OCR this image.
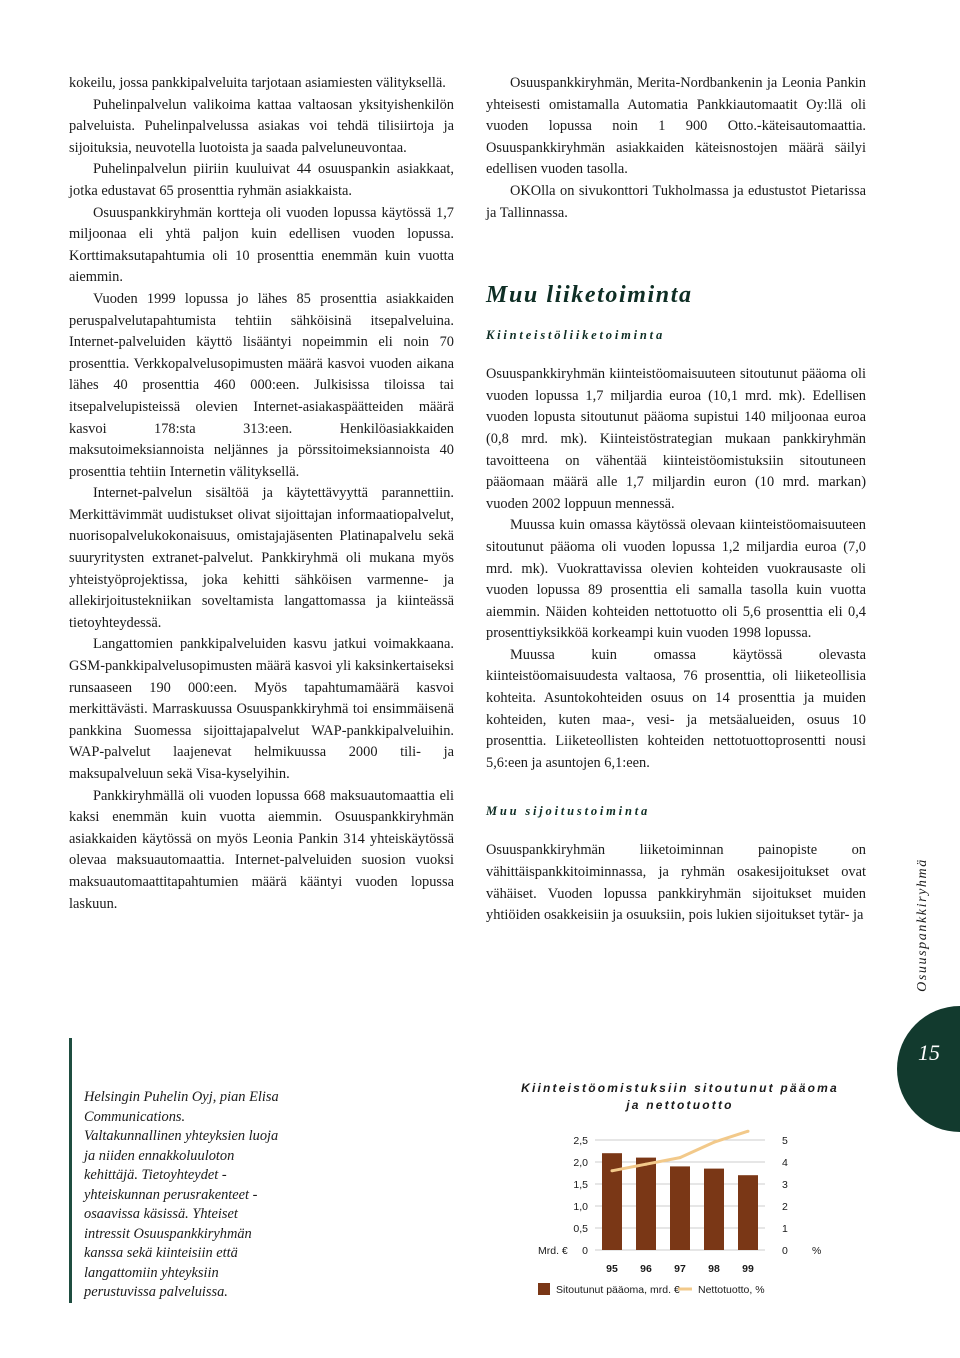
kokeilu, jossa pankkipalveluita tarjotaan asiamiesten välityksellä.

Puhelinpalvelun valikoima kattaa valtaosan yksityishenkilön palveluista. Puhelinpalvelussa asiakas voi tehdä tilisiirtoja ja sijoituksia, neuvotella luotoista ja saada palveluneuvontaa.

Puhelinpalvelun piiriin kuuluivat 44 osuuspankin asiakkaat, jotka edustavat 65 prosenttia ryhmän asiakkaista.

Osuuspankkiryhmän kortteja oli vuoden lopussa käytössä 1,7 miljoonaa eli yhtä paljon kuin edellisen vuoden lopussa. Korttimaksutapahtumia oli 10 prosenttia enemmän kuin vuotta aiemmin.

Vuoden 1999 lopussa jo lähes 85 prosenttia asiakkaiden peruspalvelutapahtumista tehtiin sähköisinä itsepalveluina. Internet-palveluiden käyttö lisääntyi nopeimmin eli noin 70 prosenttia. Verkkopalvelusopimusten määrä kasvoi vuoden aikana lähes 40 prosenttia 460 000:een. Julkisissa tiloissa tai itsepalvelupisteissä olevien Internet-asiakaspäätteiden määrä kasvoi 178:sta 313:een. Henkilöasiakkaiden maksutoimeksiannoista neljännes ja pörssitoimeksiannoista 40 prosenttia tehtiin Internetin välityksellä.

Internet-palvelun sisältöä ja käytettävyyttä parannettiin. Merkittävimmät uudistukset olivat sijoittajan informaatiopalvelut, nuorisopalvelukokonaisuus, omistajajäsenten Platinapalvelu sekä suuryritysten extranet-palvelut. Pankkiryhmä oli mukana myös yhteistyöprojektissa, joka kehitti sähköisen varmenne- ja allekirjoitustekniikan soveltamista langattomassa ja kiinteässä tietoyhteydessä.

Langattomien pankkipalveluiden kasvu jatkui voimakkaana. GSM-pankkipalvelusopimusten määrä kasvoi yli kaksinkertaiseksi runsaaseen 190 000:een. Myös tapahtumamäärä kasvoi merkittävästi. Marraskuussa Osuuspankkiryhmä toi ensimmäisenä pankkina Suomessa sijoittajapalvelut WAP-pankkipalveluihin. WAP-palvelut laajenevat helmikuussa 2000 tili- ja maksupalveluun sekä Visa-kyselyihin.

Pankkiryhmällä oli vuoden lopussa 668 maksuautomaattia eli kaksi enemmän kuin vuotta aiemmin. Osuuspankkiryhmän asiakkaiden käytössä on myös Leonia Pankin 314 yhteiskäytössä olevaa maksuautomaattia. Internet-palveluiden suosion vuoksi maksuautomaattitapahtumien määrä kääntyi vuoden lopussa laskuun.

Osuuspankkiryhmän, Merita-Nordbankenin ja Leonia Pankin yhteisesti omistamalla Automatia Pankkiautomaatit Oy:llä oli vuoden lopussa noin 1 900 Otto.-käteisautomaattia. Osuuspankkiryhmän asiakkaiden käteisnostojen määrä säilyi edellisen vuoden tasolla.

OKOlla on sivukonttori Tukholmassa ja edustustot Pietarissa ja Tallinnassa.

Muu liiketoiminta
Kiinteistöliiketoiminta

Osuuspankkiryhmän kiinteistöomaisuuteen sitoutunut pääoma oli vuoden lopussa 1,7 miljardia euroa (10,1 mrd. mk). Edellisen vuoden lopusta sitoutunut pääoma supistui 140 miljoonaa euroa (0,8 mrd. mk). Kiinteistöstrategian mukaan pankkiryhmän tavoitteena on vähentää kiinteistöomistuksiin sitoutuneen pääomaan määrä alle 1,7 miljardin euron (10 mrd. markan) vuoden 2002 loppuun mennessä.

Muussa kuin omassa käytössä olevaan kiinteistöomaisuuteen sitoutunut pääoma oli vuoden lopussa 1,2 miljardia euroa (7,0 mrd. mk). Vuokrattavissa olevien kohteiden vuokrausaste oli vuoden lopussa 89 prosenttia eli samalla tasolla kuin vuotta aiemmin. Näiden kohteiden nettotuotto oli 5,6 prosenttia eli 0,4 prosenttiyksikköä korkeampi kuin vuoden 1998 lopussa.

Muussa kuin omassa käytössä olevasta kiinteistöomaisuudesta valtaosa, 76 prosenttia, oli liiketeollisia kohteita. Asuntokohteiden osuus on 14 prosenttia ja muiden kohteiden, kuten maa-, vesi- ja metsäalueiden, osuus 10 prosenttia. Liiketeollisten kohteiden nettotuottoprosentti nousi 5,6:een ja asuntojen 6,1:een.

Muu sijoitustoiminta

Osuuspankkiryhmän liiketoiminnan painopiste on vähittäispankkitoiminnassa, ja ryhmän osakesijoitukset ovat vähäiset. Vuoden lopussa pankkiryhmän sijoitukset muiden yhtiöiden osakkeisiin ja osuuksiin, pois lukien sijoitukset tytär- ja	Osuuspankkiryhmä
15
Helsingin Puhelin Oyj, pian Elisa Communications. Valtakunnallinen yhteyksien luoja ja niiden ennakkoluuloton kehittäjä. Tietoyhteydet - yhteiskunnan perusrakenteet - osaavissa käsissä. Yhteiset intressit Osuuspankkiryhmän kanssa sekä kiinteisiin että langattomiin yhteyksiin perustuvissa palveluissa.
Kiinteistöomistuksiin sitoutunut pääoma ja nettotuotto
0	0
0,5	1
1,0	2
1,5	3
2,0	4
2,5	5
Mrd. €	%
95 96 97 98 99
Sitoutunut pääoma, mrd. € Nettotuotto, %
